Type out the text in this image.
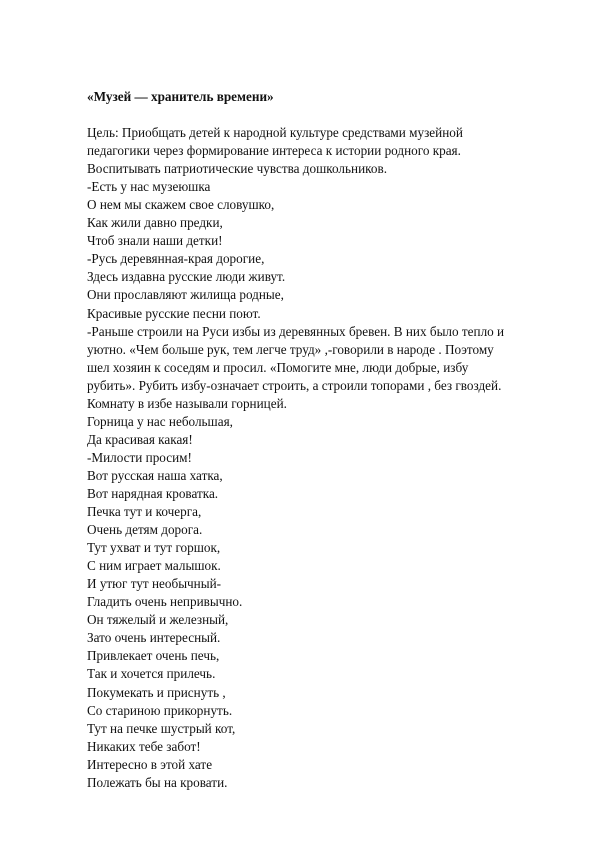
«Музей — хранитель времени»

Цель: Приобщать детей к народной культуре средствами музейной

педагогики через формирование интереса к истории родного края.

Воспитывать патриотические чувства дошкольников.

-Есть у нас музеюшка

О нем мы скажем свое словушко,

Как жили давно предки,

Чтоб знали наши детки!

-Русь деревянная-края дорогие,

Здесь издавна русские люди живут.

Они прославляют жилища родные,

Красивые русские песни поют.

-Раньше строили на Руси избы из деревянных бревен. В них было тепло и

уютно. «Чем больше рук, тем легче труд» ,-говорили в народе . Поэтому

шел хозяин к соседям и просил. «Помогите мне, люди добрые, избу

рубить». Рубить избу-означает строить, а строили топорами , без гвоздей.

Комнату в избе называли горницей.

Горница у нас небольшая,

Да красивая какая!

-Милости просим!

Вот русская наша хатка,

Вот нарядная кроватка.

Печка тут и кочерга,

Очень детям дорога.

Тут ухват и тут горшок,

С ним играет малышок.

И утюг тут необычный-

Гладить очень непривычно.

Он тяжелый и железный,

Зато очень интересный.

Привлекает очень печь,

Так и хочется прилечь.

Покумекать и приснуть ,

Со стариною прикорнуть.

Тут на печке шустрый кот,

Никаких тебе забот!

Интересно в этой хате

Полежать бы на кровати.
